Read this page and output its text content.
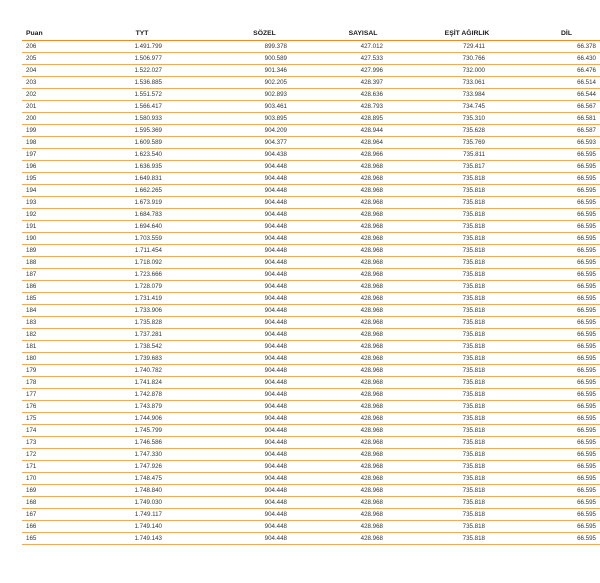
Puan	TYT	SÖZEL	SAYISAL	EŞİT AĞIRLIK	DİL
206	1.491.799	899.378	427.012	729.411	66.378
205	1.506.977	900.589	427.533	730.766	66.430
204	1.522.027	901.346	427.996	732.000	66.476
203	1.536.885	902.205	428.397	733.061	66.514
202	1.551.572	902.893	428.636	733.984	66.544
201	1.566.417	903.461	428.793	734.745	66.567
200	1.580.933	903.895	428.895	735.310	66.581
199	1.595.369	904.209	428.944	735.628	66.587
198	1.609.589	904.377	428.964	735.769	66.593
197	1.623.540	904.438	428.966	735.811	66.595
196	1.636.935	904.448	428.968	735.817	66.595
195	1.649.831	904.448	428.968	735.818	66.595
194	1.662.265	904.448	428.968	735.818	66.595
193	1.673.919	904.448	428.968	735.818	66.595
192	1.684.783	904.448	428.968	735.818	66.595
191	1.694.640	904.448	428.968	735.818	66.595
190	1.703.559	904.448	428.968	735.818	66.595
189	1.711.454	904.448	428.968	735.818	66.595
188	1.718.092	904.448	428.968	735.818	66.595
187	1.723.666	904.448	428.968	735.818	66.595
186	1.728.079	904.448	428.968	735.818	66.595
185	1.731.419	904.448	428.968	735.818	66.595
184	1.733.906	904.448	428.968	735.818	66.595
183	1.735.828	904.448	428.968	735.818	66.595
182	1.737.281	904.448	428.968	735.818	66.595
181	1.738.542	904.448	428.968	735.818	66.595
180	1.739.683	904.448	428.968	735.818	66.595
179	1.740.782	904.448	428.968	735.818	66.595
178	1.741.824	904.448	428.968	735.818	66.595
177	1.742.878	904.448	428.968	735.818	66.595
176	1.743.879	904.448	428.968	735.818	66.595
175	1.744.906	904.448	428.968	735.818	66.595
174	1.745.799	904.448	428.968	735.818	66.595
173	1.746.586	904.448	428.968	735.818	66.595
172	1.747.330	904.448	428.968	735.818	66.595
171	1.747.926	904.448	428.968	735.818	66.595
170	1.748.475	904.448	428.968	735.818	66.595
169	1.748.840	904.448	428.968	735.818	66.595
168	1.749.030	904.448	428.968	735.818	66.595
167	1.749.117	904.448	428.968	735.818	66.595
166	1.749.140	904.448	428.968	735.818	66.595
165	1.749.143	904.448	428.968	735.818	66.595
